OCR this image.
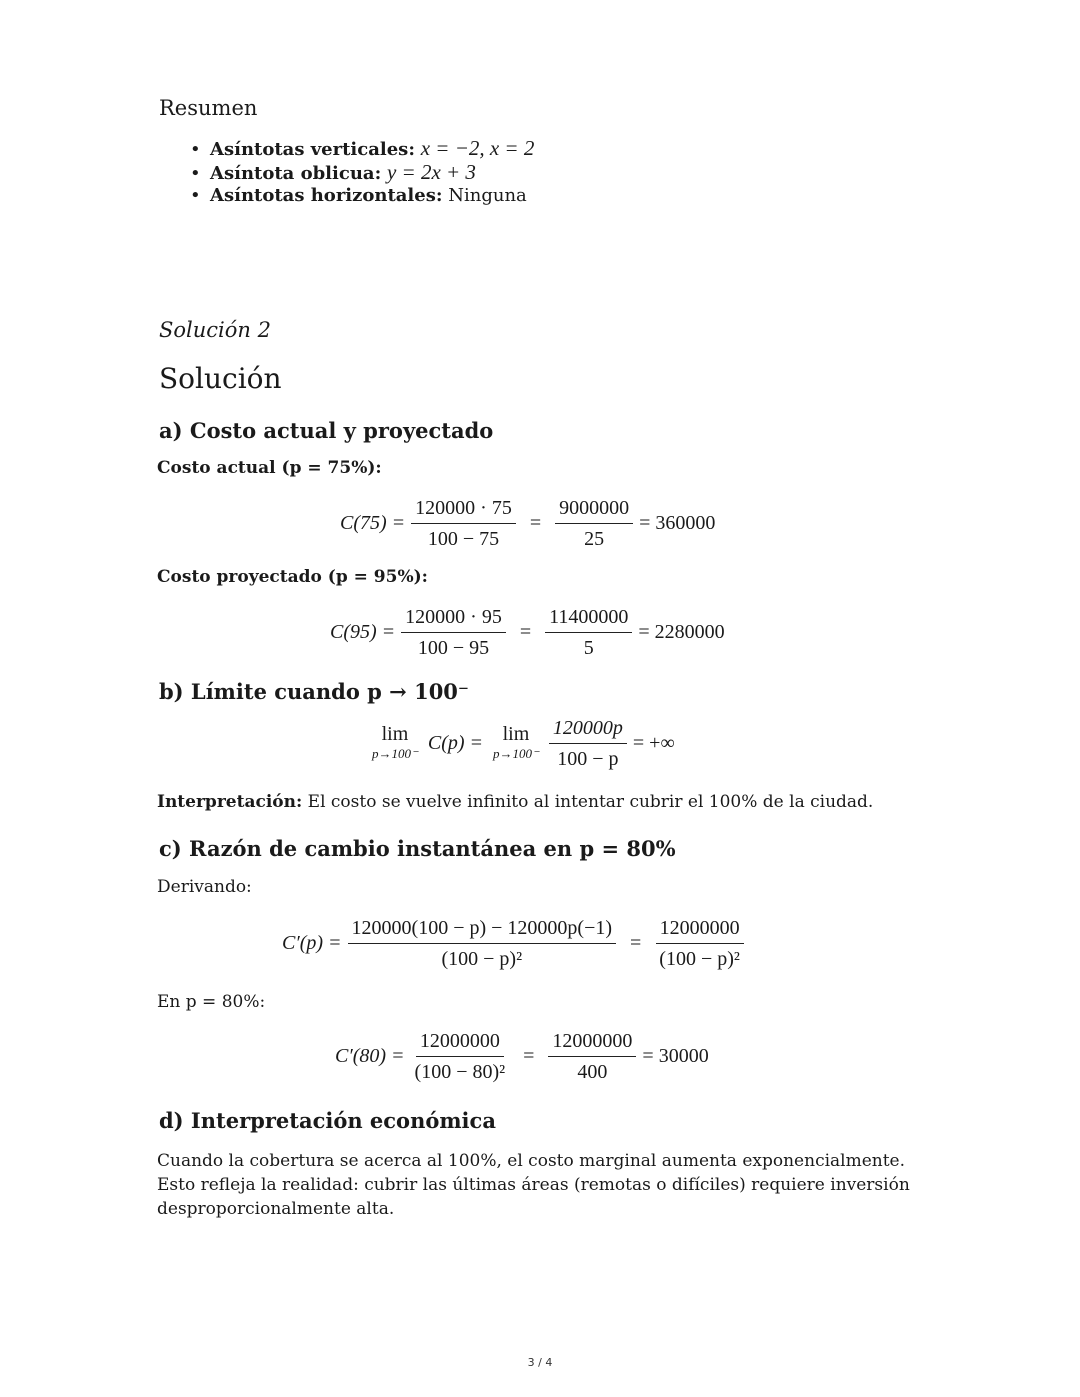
Resumen
• Asíntotas verticales: x = −2, x = 2
• Asíntota oblicua: y = 2x + 3
• Asíntotas horizontales: Ninguna
Solución 2
Solución
a) Costo actual y proyectado
Costo actual (p = 75%):
$C(75) = \frac{120000 \cdot 75}{100 - 75} = \frac{9000000}{25} = 360000$
Costo proyectado (p = 95%):
$C(95) = \frac{120000 \cdot 95}{100 - 95} = \frac{11400000}{5} = 2280000$
b) Límite cuando p → 100⁻
lim
p→100⁻ C(p) = lim
$p\to 100^- \frac{120000p}{100 - p}$ = +∞
Interpretación: El costo se vuelve infinito al intentar cubrir el 100% de la ciudad.
c) Razón de cambio instantánea en p = 80%
Derivando:
$C'(p) = \frac{120000(100 - p) - 120000p(-1)}{\text{(100 − p)²}} = \frac{12000000}{\text{(100 − p)²}}$
En p = 80%:
$C'(80) = \frac{12000000}{\text{(100 − 80)²}} = \frac{12000000}{400} = 30000$
d) Interpretación económica
Cuando la cobertura se acerca al 100%, el costo marginal aumenta exponencialmente. Esto refleja la realidad: cubrir las últimas áreas (remotas o difíciles) requiere inversión desproporcionalmente alta.
3 / 4
